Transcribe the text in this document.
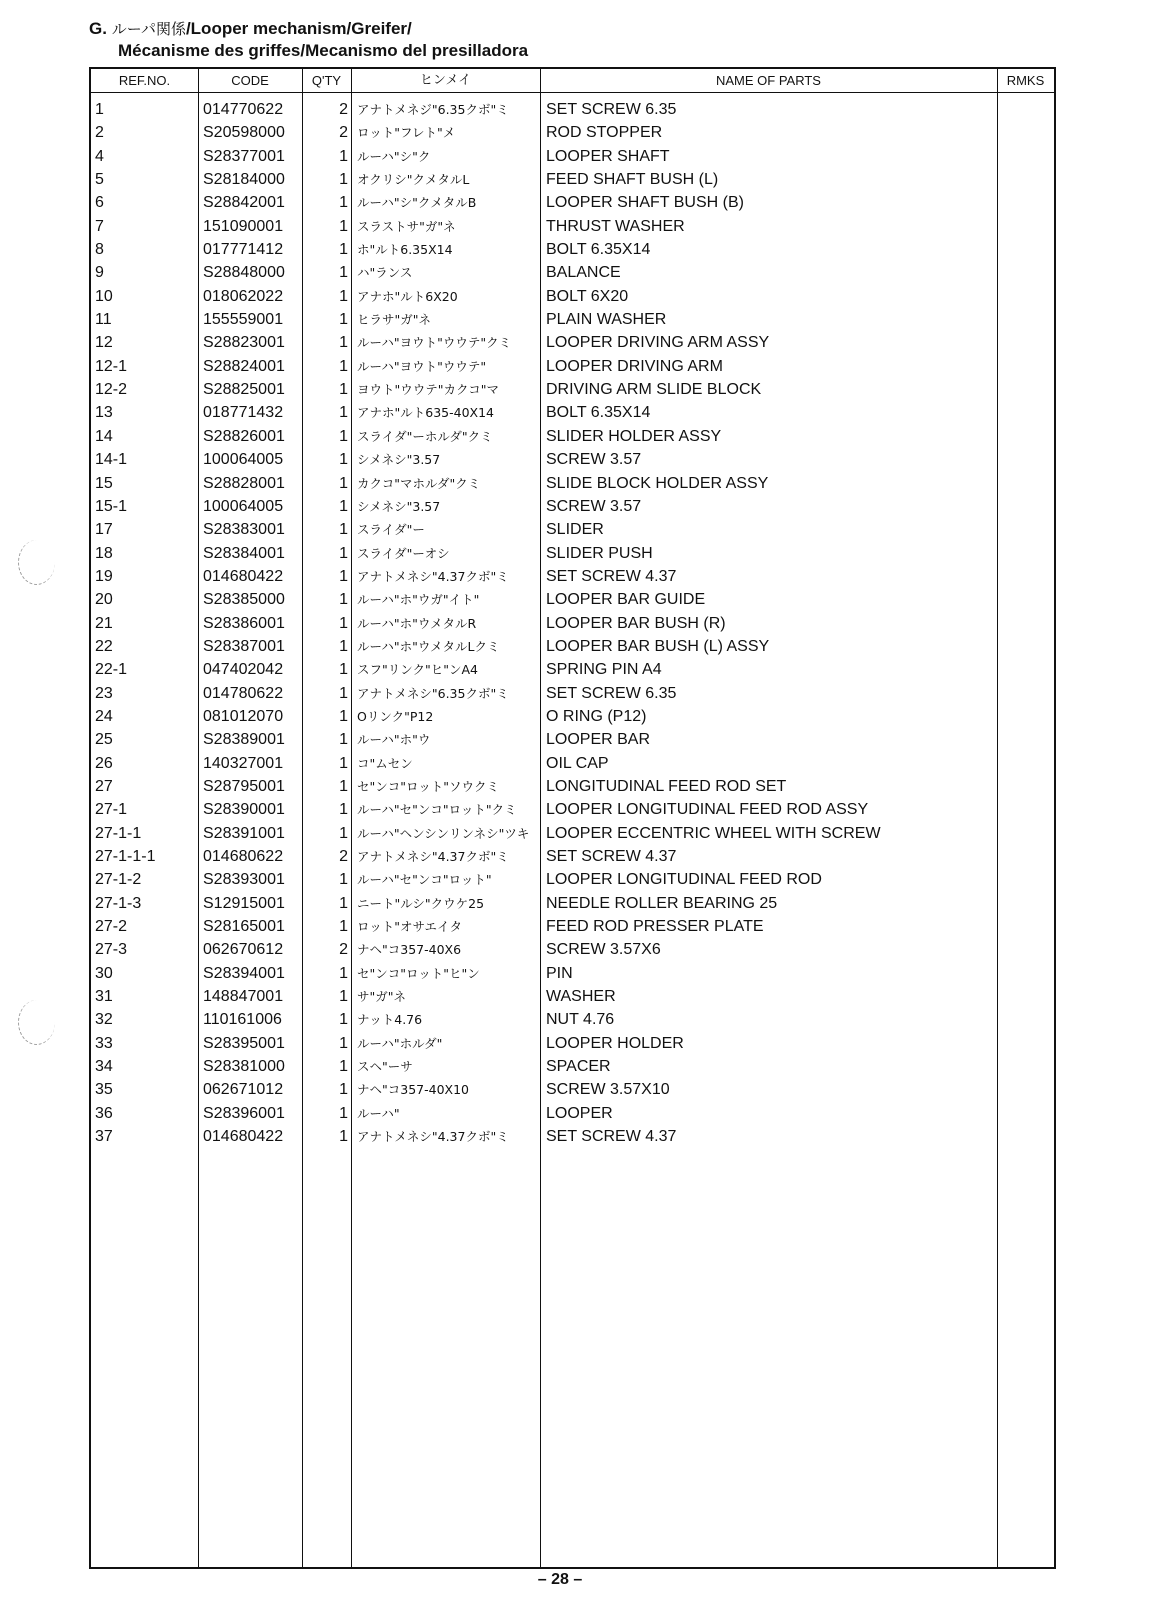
G. ルーパ関係/Looper mechanism/Greifer/
Mécanisme des griffes/Mecanismo del presilladora
REF.NO.	CODE	Q'TY	ヒンメイ	NAME OF PARTS	RMKS
1	014770622	2 アナトメネジ"6.35クボ"ミ SET SCREW 6.35
2	S20598000	2 ロット"フレト"メ	ROD STOPPER
4	S28377001	1 ルーハ"シ"ク	LOOPER SHAFT
5	S28184000	1 オクリシ"クメタルL	FEED SHAFT BUSH (L)
6	S28842001	1 ルーハ"シ"クメタルB	LOOPER SHAFT BUSH (B)
7	151090001	1 スラストサ"ガ"ネ	THRUST WASHER
8	017771412	1 ホ"ルト6.35X14	BOLT 6.35X14
9	S28848000	1 ハ"ランス	BALANCE
10	018062022	1 アナホ"ルト6X20	BOLT 6X20
11	155559001	1 ヒラサ"ガ"ネ	PLAIN WASHER
12	S28823001	1 ルーハ"ヨウト"ウウテ"クミ LOOPER DRIVING ARM ASSY
12-1	S28824001	1 ルーハ"ヨウト"ウウテ"	LOOPER DRIVING ARM
12-2	S28825001	1 ヨウト"ウウテ"カクコ"マ	DRIVING ARM SLIDE BLOCK
13	018771432	1 アナホ"ルト635-40X14	BOLT 6.35X14
14	S28826001	1 スライダ"ーホルダ"クミ	SLIDER HOLDER ASSY
14-1	100064005	1 シメネシ"3.57	SCREW 3.57
15	S28828001	1 カクコ"マホルダ"クミ	SLIDE BLOCK HOLDER ASSY
15-1	100064005	1 シメネシ"3.57	SCREW 3.57
17	S28383001	1 スライダ"ー	SLIDER
18	S28384001	1 スライダ"ーオシ	SLIDER PUSH
19	014680422	1 アナトメネシ"4.37クボ"ミ SET SCREW 4.37
20	S28385000	1 ルーハ"ホ"ウガ"イト"	LOOPER BAR GUIDE
21	S28386001	1 ルーハ"ホ"ウメタルR	LOOPER BAR BUSH (R)
22	S28387001	1 ルーハ"ホ"ウメタルLクミ	LOOPER BAR BUSH (L) ASSY
22-1	047402042	1 スフ"リンク"ヒ"ンA4	SPRING PIN A4
23	014780622	1 アナトメネシ"6.35クボ"ミ SET SCREW 6.35
24	081012070	1 Oリンク"P12	O RING (P12)
25	S28389001	1 ルーハ"ホ"ウ	LOOPER BAR
26	140327001	1 コ"ムセン	OIL CAP
27	S28795001	1 セ"ンコ"ロット"ソウクミ	LONGITUDINAL FEED ROD SET
27-1	S28390001	1 ルーハ"セ"ンコ"ロット"クミ LOOPER LONGITUDINAL FEED ROD ASSY
27-1-1	S28391001	1 ルーハ"ヘンシンリンネシ"ツキ LOOPER ECCENTRIC WHEEL WITH SCREW
27-1-1-1	014680622	2 アナトメネシ"4.37クボ"ミ SET SCREW 4.37
27-1-2	S28393001	1 ルーハ"セ"ンコ"ロット"	LOOPER LONGITUDINAL FEED ROD
27-1-3	S12915001	1 ニート"ルシ"クウケ25	NEEDLE ROLLER BEARING 25
27-2	S28165001	1 ロット"オサエイタ	FEED ROD PRESSER PLATE
27-3	062670612	2 ナヘ"コ357-40X6	SCREW 3.57X6
30	S28394001	1 セ"ンコ"ロット"ヒ"ン	PIN
31	148847001	1 サ"ガ"ネ	WASHER
32	110161006	1 ナット4.76	NUT 4.76
33	S28395001	1 ルーハ"ホルダ"	LOOPER HOLDER
34	S28381000	1 スヘ"ーサ	SPACER
35	062671012	1 ナヘ"コ357-40X10	SCREW 3.57X10
36	S28396001	1 ルーハ"	LOOPER
37	014680422	1 アナトメネシ"4.37クボ"ミ SET SCREW 4.37
– 28 –
